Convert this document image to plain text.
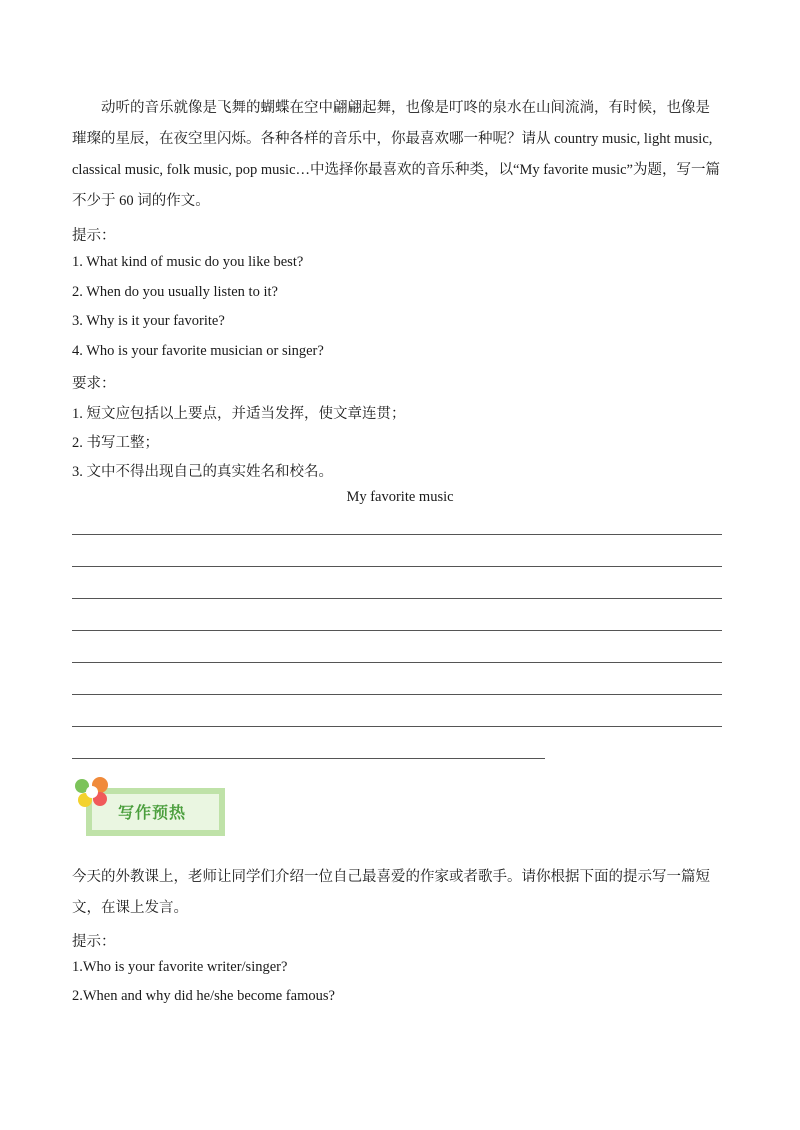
动听的音乐就像是飞舞的蝴蝶在空中翩翩起舞，也像是叮咚的泉水在山间流淌，有时候，也像是璀璨的星辰，在夜空里闪烁。各种各样的音乐中，你最喜欢哪一种呢？请从 country music, light music, classical music, folk music, pop music…中选择你最喜欢的音乐种类，以“My favorite music”为题，写一篇不少于 60 词的作文。
提示：
1. What kind of music do you like best?
2. When do you usually listen to it?
3. Why is it your favorite?
4. Who is your favorite musician or singer?
要求：
1. 短文应包括以上要点，并适当发挥，使文章连贯；
2. 书写工整；
3. 文中不得出现自己的真实姓名和校名。
My favorite music
写作预热
今天的外教课上，老师让同学们介绍一位自己最喜爱的作家或者歌手。请你根据下面的提示写一篇短文，在课上发言。
提示：
1.Who is your favorite writer/singer?
2.When and why did he/she become famous?
